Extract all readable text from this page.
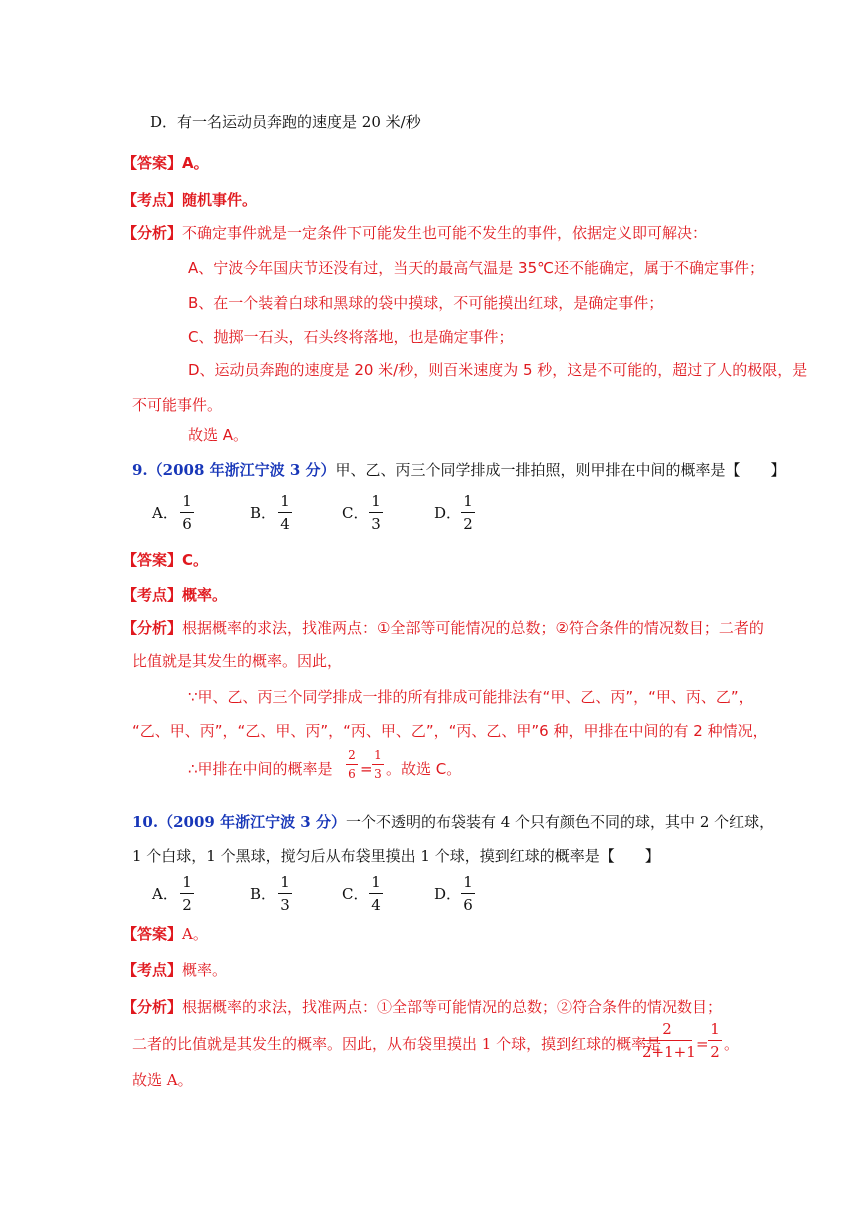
D．有一名运动员奔跑的速度是 20 米/秒
【答案】A。
【考点】随机事件。
【分析】不确定事件就是一定条件下可能发生也可能不发生的事件，依据定义即可解决：
A、宁波今年国庆节还没有过，当天的最高气温是 35℃还不能确定，属于不确定事件；
B、在一个装着白球和黑球的袋中摸球，不可能摸出红球，是确定事件；
C、抛掷一石头，石头终将落地，也是确定事件；
D、运动员奔跑的速度是 20 米/秒，则百米速度为 5 秒，这是不可能的，超过了人的极限，是
不可能事件。
故选 A。
9.（2008 年浙江宁波 3 分）甲、乙、丙三个同学排成一排拍照，则甲排在中间的概率是【　　】
A．
1
6
B．
1
4
C．
1
3
D．
1
2
【答案】C。
【考点】概率。
【分析】根据概率的求法，找准两点：①全部等可能情况的总数；②符合条件的情况数目；二者的
比值就是其发生的概率。因此，
∵甲、乙、丙三个同学排成一排的所有排成可能排法有“甲、乙、丙”，“甲、丙、乙”，
“乙、甲、丙”，“乙、甲、丙”，“丙、甲、乙”，“丙、乙、甲”6 种，甲排在中间的有 2 种情况，
∴甲排在中间的概率是
2
6 =
1
3 。故选 C。
10.（2009 年浙江宁波 3 分）一个不透明的布袋装有 4 个只有颜色不同的球，其中 2 个红球，
1 个白球，1 个黑球，搅匀后从布袋里摸出 1 个球，摸到红球的概率是【　　】
A．
1
2
B．
1
3
C．
1
4
D．
1
6
【答案】A。
【考点】概率。
【分析】根据概率的求法，找准两点：①全部等可能情况的总数；②符合条件的情况数目；
二者的比值就是其发生的概率。因此，从布袋里摸出 1 个球，摸到红球的概率是
2
2+1+1 =
1
2 。
故选 A。
